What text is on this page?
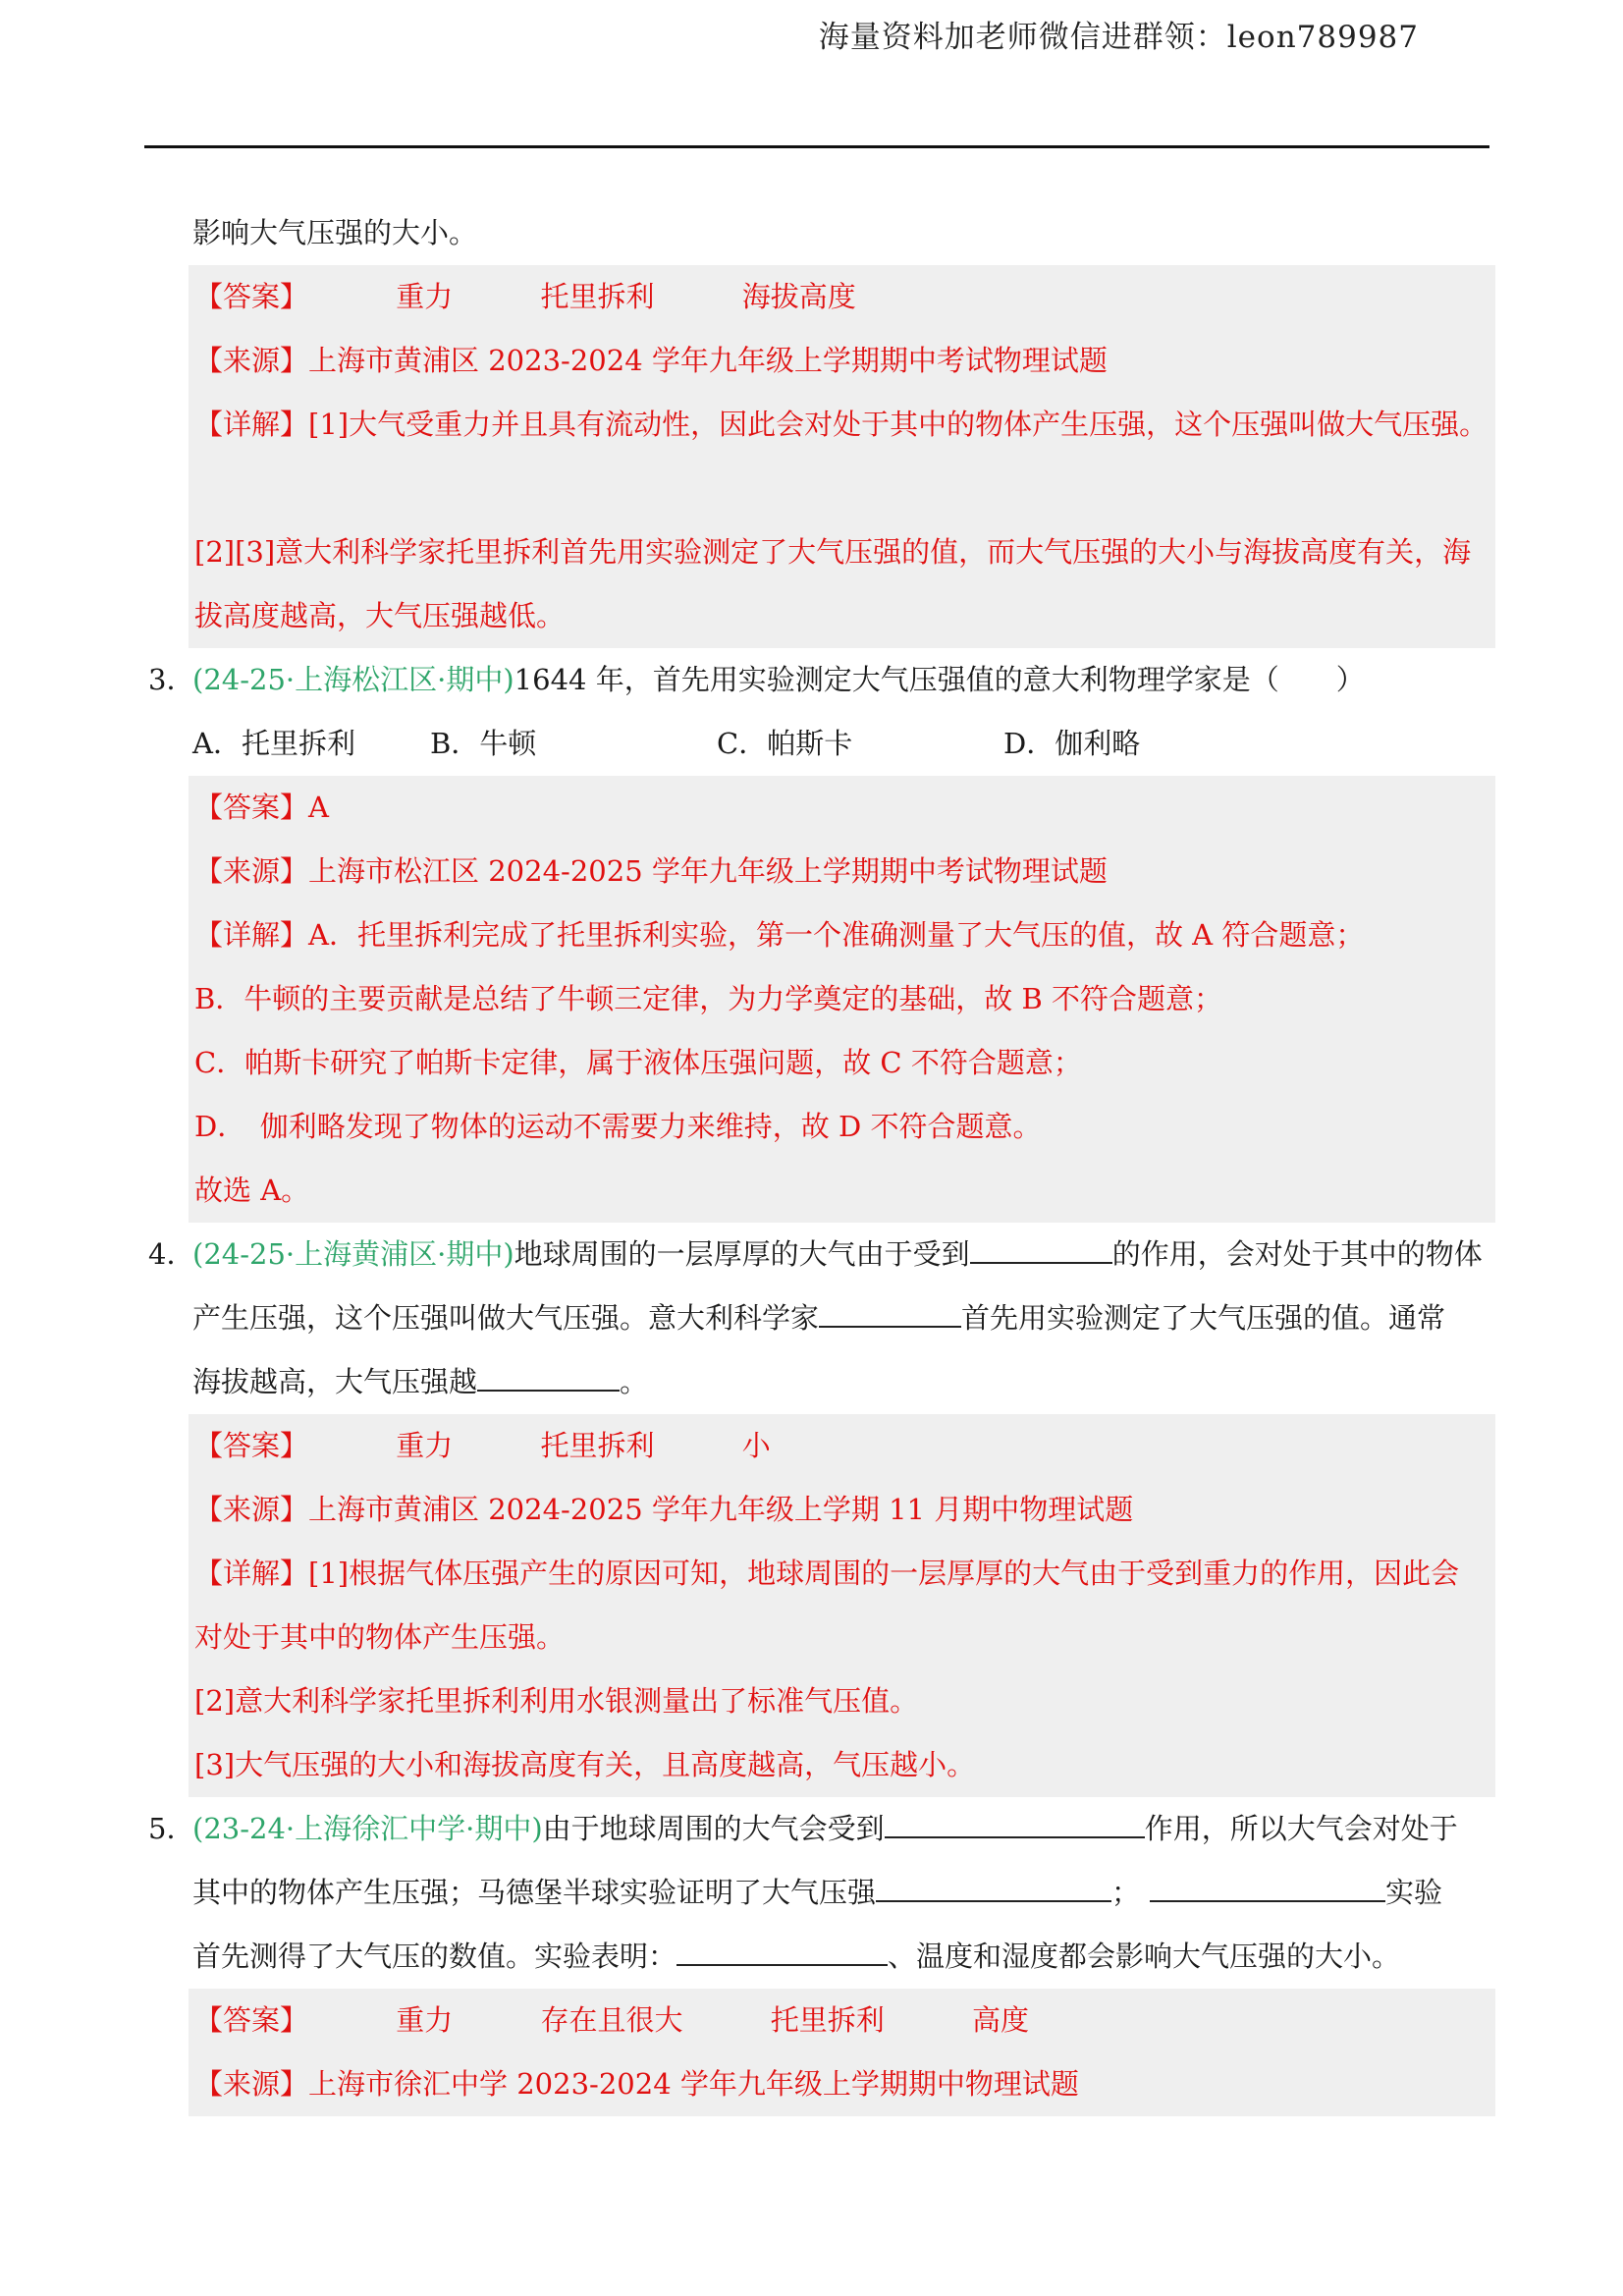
海量资料加老师微信进群领：leon789987
影响大气压强的大小。
【答案】	重力	托里拆利	海拔高度
【来源】上海市黄浦区 2023-2024 学年九年级上学期期中考试物理试题
【详解】[1]大气受重力并且具有流动性，因此会对处于其中的物体产生压强，这个压强叫做大气压强。
[2][3]意大利科学家托里拆利首先用实验测定了大气压强的值，而大气压强的大小与海拔高度有关，海
拔高度越高，大气压强越低。
3．
(24-25·上海松江区·期中)1644 年，首先用实验测定大气压强值的意大利物理学家是（　　）
A．托里拆利	B．牛顿	C．帕斯卡	D．伽利略
【答案】A
【来源】上海市松江区 2024-2025 学年九年级上学期期中考试物理试题
【详解】A．托里拆利完成了托里拆利实验，第一个准确测量了大气压的值，故 A 符合题意；
B．牛顿的主要贡献是总结了牛顿三定律，为力学奠定的基础，故 B 不符合题意；
C．帕斯卡研究了帕斯卡定律，属于液体压强问题，故 C 不符合题意；
D．　伽利略发现了物体的运动不需要力来维持，故 D 不符合题意。
故选 A。
4．
(24-25·上海黄浦区·期中)地球周围的一层厚厚的大气由于受到	的作用，会对处于其中的物体
产生压强，这个压强叫做大气压强。意大利科学家	首先用实验测定了大气压强的值。通常
海拔越高，大气压强越	。
【答案】	重力	托里拆利	小
【来源】上海市黄浦区 2024-2025 学年九年级上学期 11 月期中物理试题
【详解】[1]根据气体压强产生的原因可知，地球周围的一层厚厚的大气由于受到重力的作用，因此会
对处于其中的物体产生压强。
[2]意大利科学家托里拆利利用水银测量出了标准气压值。
[3]大气压强的大小和海拔高度有关，且高度越高，气压越小。
5．
(23-24·上海徐汇中学·期中)由于地球周围的大气会受到	作用，所以大气会对处于
其中的物体产生压强；马德堡半球实验证明了大气压强	；	实验
首先测得了大气压的数值。实验表明：	、温度和湿度都会影响大气压强的大小。
【答案】	重力	存在且很大	托里拆利	高度
【来源】上海市徐汇中学 2023-2024 学年九年级上学期期中物理试题
